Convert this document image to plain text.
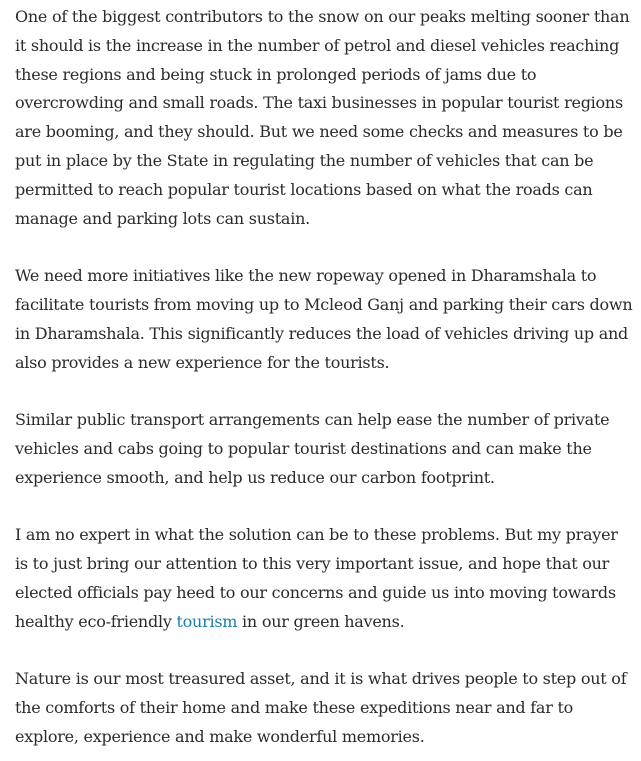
One of the biggest contributors to the snow on our peaks melting sooner than it should is the increase in the number of petrol and diesel vehicles reaching these regions and being stuck in prolonged periods of jams due to overcrowding and small roads. The taxi businesses in popular tourist regions are booming, and they should. But we need some checks and measures to be put in place by the State in regulating the number of vehicles that can be permitted to reach popular tourist locations based on what the roads can manage and parking lots can sustain.

We need more initiatives like the new ropeway opened in Dharamshala to facilitate tourists from moving up to Mcleod Ganj and parking their cars down in Dharamshala. This significantly reduces the load of vehicles driving up and also provides a new experience for the tourists.

Similar public transport arrangements can help ease the number of private vehicles and cabs going to popular tourist destinations and can make the experience smooth, and help us reduce our carbon footprint.

I am no expert in what the solution can be to these problems. But my prayer is to just bring our attention to this very important issue, and hope that our elected officials pay heed to our concerns and guide us into moving towards healthy eco-friendly tourism in our green havens.

Nature is our most treasured asset, and it is what drives people to step out of the comforts of their home and make these expeditions near and far to explore, experience and make wonderful memories.
